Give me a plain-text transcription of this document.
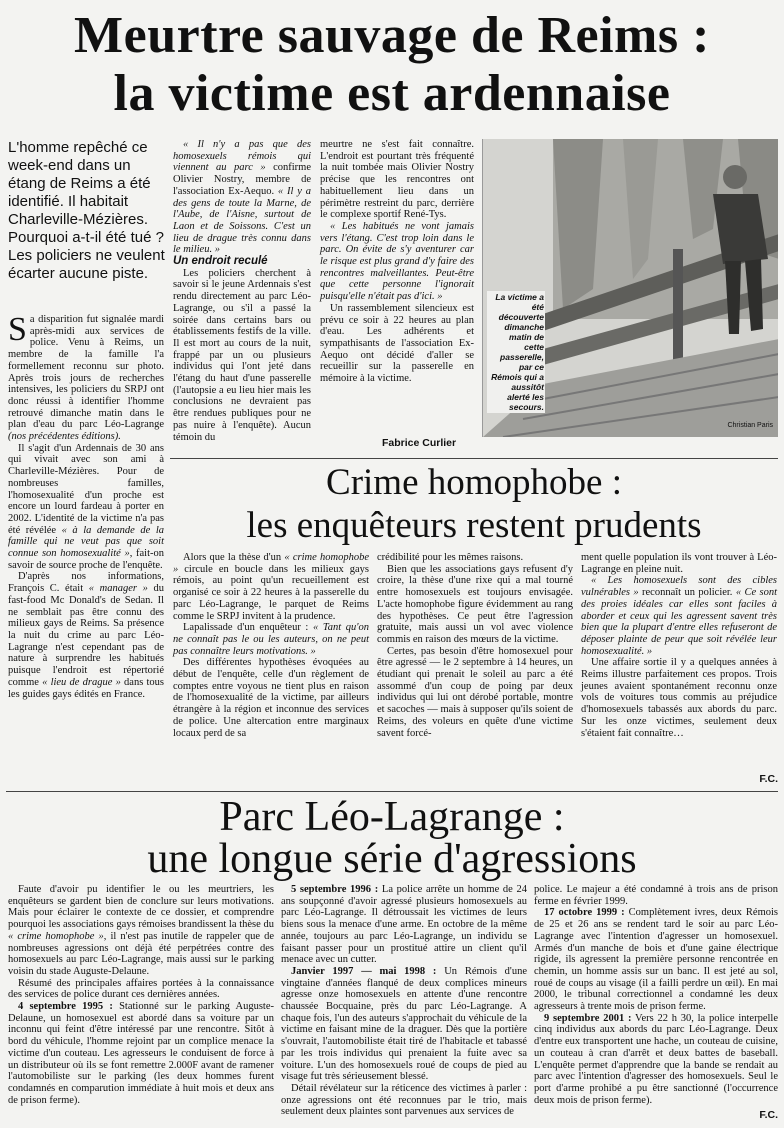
Meurtre sauvage de Reims :
la victime est ardennaise
L'homme repêché ce week-end dans un étang de Reims a été identifié. Il habitait Charleville-Mézières. Pourquoi a-t-il été tué ? Les policiers ne veulent écarter aucune piste.

Sa disparition fut signalée mardi après-midi aux services de police. Venu à Reims, un membre de la famille l'a formellement reconnu sur photo. Après trois jours de recherches intensives, les policiers du SRPJ ont donc réussi à identifier l'homme retrouvé dimanche matin dans le plan d'eau du parc Léo-Lagrange (nos précédentes éditions).

Il s'agit d'un Ardennais de 30 ans qui vivait avec son ami à Charleville-Mézières. Pour de nombreuses familles, l'homosexualité d'un proche est encore un lourd fardeau à porter en 2002. L'identité de la victime n'a pas été révélée « à la demande de la famille qui ne veut pas que soit connue son homosexualité », fait-on savoir de source proche de l'enquête.

D'après nos informations, François C. était « manager » du fast-food Mc Donald's de Sedan. Il ne semblait pas être connu des milieux gays de Reims. Sa présence la nuit du crime au parc Léo-Lagrange n'est cependant pas de nature à surprendre les habitués puisque l'endroit est répertorié comme « lieu de drague » dans tous les guides gays édités en France.

« Il n'y a pas que des homosexuels rémois qui viennent au parc » confirme Olivier Nostry, membre de l'association Ex-Aequo. « Il y a des gens de toute la Marne, de l'Aube, de l'Aisne, surtout de Laon et de Soissons. C'est un lieu de drague très connu dans le milieu. »

Un endroit reculé

Les policiers cherchent à savoir si le jeune Ardennais s'est rendu directement au parc Léo-Lagrange, ou s'il a passé la soirée dans certains bars ou établissements festifs de la ville. Il est mort au cours de la nuit, frappé par un ou plusieurs individus qui l'ont jeté dans l'étang du haut d'une passerelle (l'autopsie a eu lieu hier mais les conclusions ne devraient pas être rendues publiques pour ne pas nuire à l'enquête). Aucun témoin du

meurtre ne s'est fait connaître. L'endroit est pourtant très fréquenté la nuit tombée mais Olivier Nostry précise que les rencontres ont habituellement lieu dans un périmètre restreint du parc, derrière le complexe sportif René-Tys.

« Les habitués ne vont jamais vers l'étang. C'est trop loin dans le parc. On évite de s'y aventurer car le risque est plus grand d'y faire des rencontres malveillantes. Peut-être que cette personne l'ignorait puisqu'elle n'était pas d'ici. »

Un rassemblement silencieux est prévu ce soir à 22 heures au plan d'eau. Les adhérents et sympathisants de l'association Ex-Aequo ont décidé d'aller se recueillir sur la passerelle en mémoire à la victime.

Fabrice Curlier
La victime a été découverte dimanche matin de cette passerelle, par ce Rémois qui a aussitôt alerté les secours.
Christian Paris
Crime homophobe :
les enquêteurs restent prudents

Alors que la thèse d'un « crime homophobe » circule en boucle dans les milieux gays rémois, au point qu'un recueillement est organisé ce soir à 22 heures à la passerelle du parc Léo-Lagrange, le parquet de Reims comme le SRPJ invitent à la prudence.

Lapalissade d'un enquêteur : « Tant qu'on ne connaît pas le ou les auteurs, on ne peut pas connaître leurs motivations. »

Des différentes hypothèses évoquées au début de l'enquête, celle d'un règlement de comptes entre voyous ne tient plus en raison de l'homosexualité de la victime, par ailleurs étrangère à la région et inconnue des services de police. Une altercation entre marginaux locaux perd de sa

crédibilité pour les mêmes raisons.

Bien que les associations gays refusent d'y croire, la thèse d'une rixe qui a mal tourné entre homosexuels est toujours envisagée. L'acte homophobe figure évidemment au rang des hypothèses. Ce peut être l'agression gratuite, mais aussi un vol avec violence commis en raison des mœurs de la victime.

Certes, pas besoin d'être homosexuel pour être agressé — le 2 septembre à 14 heures, un étudiant qui prenait le soleil au parc a été assommé d'un coup de poing par deux individus qui lui ont dérobé portable, montre et sacoches — mais à supposer qu'ils soient de Reims, des voleurs en quête d'une victime savent forcé-

ment quelle population ils vont trouver à Léo-Lagrange en pleine nuit.

« Les homosexuels sont des cibles vulnérables » reconnaît un policier. « Ce sont des proies idéales car elles sont faciles à aborder et ceux qui les agressent savent très bien que la plupart d'entre elles refuseront de déposer plainte de peur que soit révélée leur homosexualité. »

Une affaire sortie il y a quelques années à Reims illustre parfaitement ces propos. Trois jeunes avaient spontanément reconnu onze vols de voitures tous commis au préjudice d'homosexuels tabassés aux abords du parc. Sur les onze victimes, seulement deux s'étaient fait connaître…

F.C.
Parc Léo-Lagrange :
une longue série d'agressions

Faute d'avoir pu identifier le ou les meurtriers, les enquêteurs se gardent bien de conclure sur leurs motivations. Mais pour éclairer le contexte de ce dossier, et comprendre pourquoi les associations gays rémoises brandissent la thèse du « crime homophobe », il n'est pas inutile de rappeler que de nombreuses agressions ont déjà été perpétrées contre des homosexuels au parc Léo-Lagrange, mais aussi sur le parking voisin du stade Auguste-Delaune.

Résumé des principales affaires portées à la connaissance des services de police durant ces dernières années.

4 septembre 1995 : Stationné sur le parking Auguste-Delaune, un homosexuel est abordé dans sa voiture par un inconnu qui feint d'être intéressé par une rencontre. Sitôt à bord du véhicule, l'homme rejoint par un complice menace la victime d'un couteau. Les agresseurs le conduisent de force à un distributeur où ils se font remettre 2.000F avant de ramener l'automobiliste sur le parking (les deux hommes furent condamnés en comparution immédiate à huit mois et deux ans de prison ferme).

5 septembre 1996 : La police arrête un homme de 24 ans soupçonné d'avoir agressé plusieurs homosexuels au parc Léo-Lagrange. Il détroussait les victimes de leurs biens sous la menace d'une arme. En octobre de la même année, toujours au parc Léo-Lagrange, un individu se faisant passer pour un prostitué attire un client qu'il menace avec un cutter.

Janvier 1997 — mai 1998 : Un Rémois d'une vingtaine d'années flanqué de deux complices mineurs agresse onze homosexuels en attente d'une rencontre chaussée Bocquaine, près du parc Léo-Lagrange. A chaque fois, l'un des auteurs s'approchait du véhicule de la victime en faisant mine de la draguer. Dès que la portière s'ouvrait, l'automobiliste était tiré de l'habitacle et tabassé par les trois individus qui prenaient la fuite avec sa voiture. L'un des homosexuels roué de coups de pied au visage fut très sérieusement blessé.

Détail révélateur sur la réticence des victimes à parler : onze agressions ont été reconnues par le trio, mais seulement deux plaintes sont parvenues aux services de

police. Le majeur a été condamné à trois ans de prison ferme en février 1999.

17 octobre 1999 : Complètement ivres, deux Rémois de 25 et 26 ans se rendent tard le soir au parc Léo-Lagrange avec l'intention d'agresser un homosexuel. Armés d'un manche de bois et d'une gaine électrique rigide, ils agressent la première personne rencontrée en chemin, un homme assis sur un banc. Il est jeté au sol, roué de coups au visage (il a failli perdre un œil). En mai 2000, le tribunal correctionnel a condamné les deux agresseurs à trente mois de prison ferme.

9 septembre 2001 : Vers 22 h 30, la police interpelle cinq individus aux abords du parc Léo-Lagrange. Deux d'entre eux transportent une hache, un couteau de cuisine, un couteau à cran d'arrêt et deux battes de baseball. L'enquête permet d'apprendre que la bande se rendait au parc avec l'intention d'agresser des homosexuels. Seul le port d'arme prohibé a pu être sanctionné (l'occurrence deux mois de prison ferme).

F.C.
